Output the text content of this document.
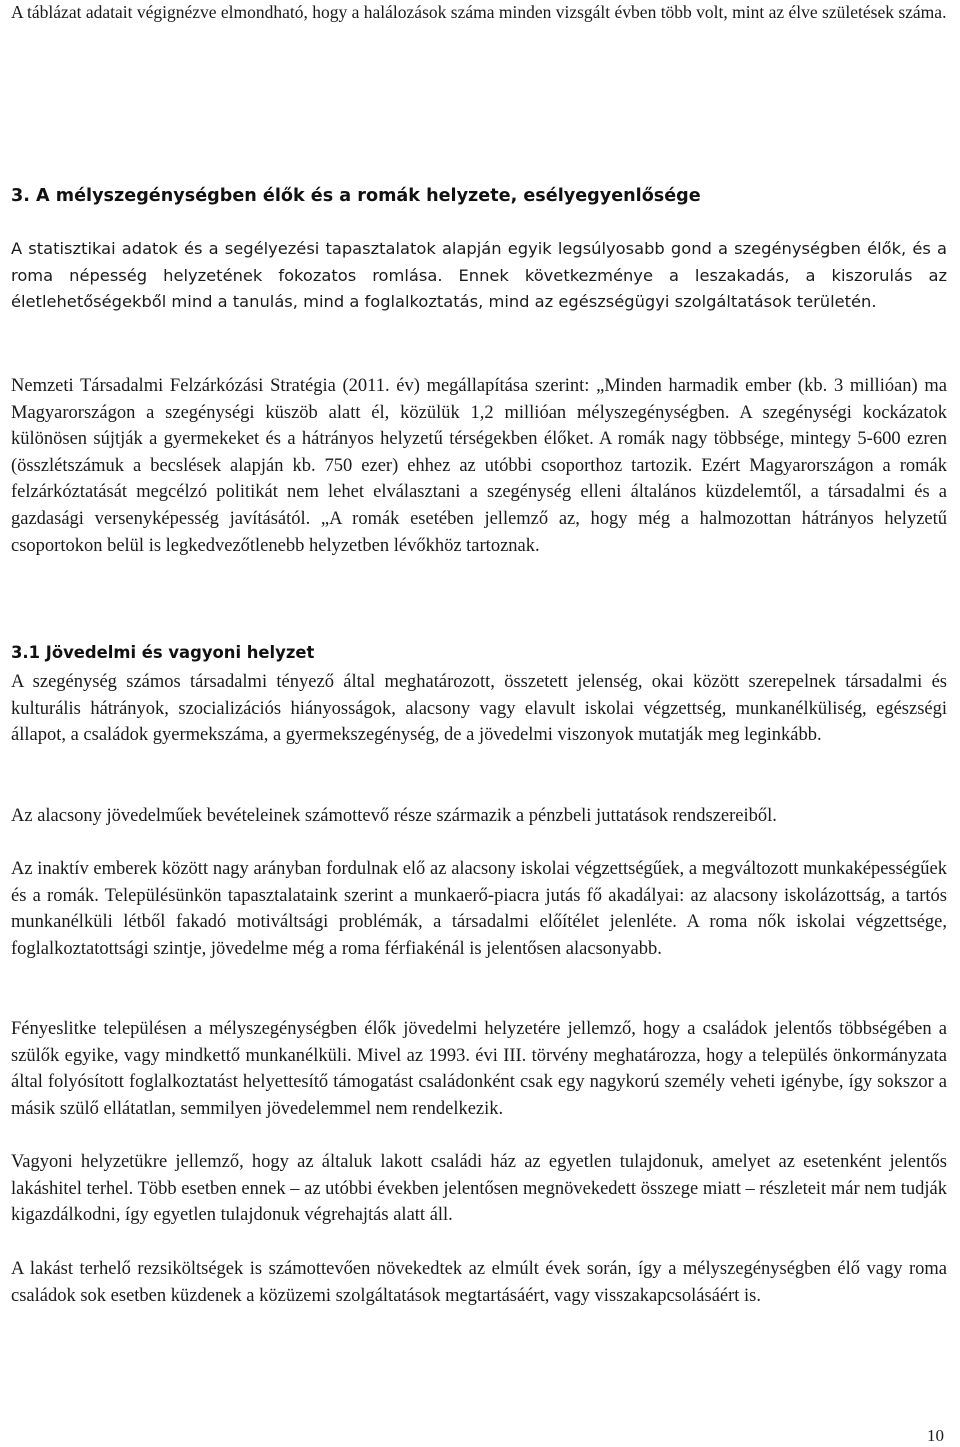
A táblázat adatait végignézve elmondható, hogy a halálozások száma minden vizsgált évben több volt, mint az élve születések száma.

3. A mélyszegénységben élők és a romák helyzete, esélyegyenlősége

A statisztikai adatok és a segélyezési tapasztalatok alapján egyik legsúlyosabb gond a szegénységben élők, és a roma népesség helyzetének fokozatos romlása. Ennek következménye a leszakadás, a kiszorulás az életlehetőségekből mind a tanulás, mind a foglalkoztatás, mind az egészségügyi szolgáltatások területén.

Nemzeti Társadalmi Felzárkózási Stratégia (2011. év) megállapítása szerint: „Minden harmadik ember (kb. 3 millióan) ma Magyarországon a szegénységi küszöb alatt él, közülük 1,2 millióan mélyszegénységben. A szegénységi kockázatok különösen sújtják a gyermekeket és a hátrányos helyzetű térségekben élőket. A romák nagy többsége, mintegy 5-600 ezren (összlétszámuk a becslések alapján kb. 750 ezer) ehhez az utóbbi csoporthoz tartozik. Ezért Magyarországon a romák felzárkóztatását megcélzó politikát nem lehet elválasztani a szegénység elleni általános küzdelemtől, a társadalmi és a gazdasági versenyképesség javításától. „A romák esetében jellemző az, hogy még a halmozottan hátrányos helyzetű csoportokon belül is legkedvezőtlenebb helyzetben lévőkhöz tartoznak.

3.1 Jövedelmi és vagyoni helyzet

A szegénység számos társadalmi tényező által meghatározott, összetett jelenség, okai között szerepelnek társadalmi és kulturális hátrányok, szocializációs hiányosságok, alacsony vagy elavult iskolai végzettség, munkanélküliség, egészségi állapot, a családok gyermekszáma, a gyermekszegénység, de a jövedelmi viszonyok mutatják meg leginkább.

Az alacsony jövedelműek bevételeinek számottevő része származik a pénzbeli juttatások rendszereiből.

Az inaktív emberek között nagy arányban fordulnak elő az alacsony iskolai végzettségűek, a megváltozott munkaképességűek és a romák. Településünkön tapasztalataink szerint a munkaerő-piacra jutás fő akadályai: az alacsony iskolázottság, a tartós munkanélküli létből fakadó motiváltsági problémák, a társadalmi előítélet jelenléte. A roma nők iskolai végzettsége, foglalkoztatottsági szintje, jövedelme még a roma férfiakénál is jelentősen alacsonyabb.

Fényeslitke településen a mélyszegénységben élők jövedelmi helyzetére jellemző, hogy a családok jelentős többségében a szülők egyike, vagy mindkettő munkanélküli. Mivel az 1993. évi III. törvény meghatározza, hogy a település önkormányzata által folyósított foglalkoztatást helyettesítő támogatást családonként csak egy nagykorú személy veheti igénybe, így sokszor a másik szülő ellátatlan, semmilyen jövedelemmel nem rendelkezik.

Vagyoni helyzetükre jellemző, hogy az általuk lakott családi ház az egyetlen tulajdonuk, amelyet az esetenként jelentős lakáshitel terhel. Több esetben ennek – az utóbbi években jelentősen megnövekedett összege miatt – részleteit már nem tudják kigazdálkodni, így egyetlen tulajdonuk végrehajtás alatt áll.

A lakást terhelő rezsiköltségek is számottevően növekedtek az elmúlt évek során, így a mélyszegénységben élő vagy roma családok sok esetben küzdenek a közüzemi szolgáltatások megtartásáért, vagy visszakapcsolásáért is.

10
